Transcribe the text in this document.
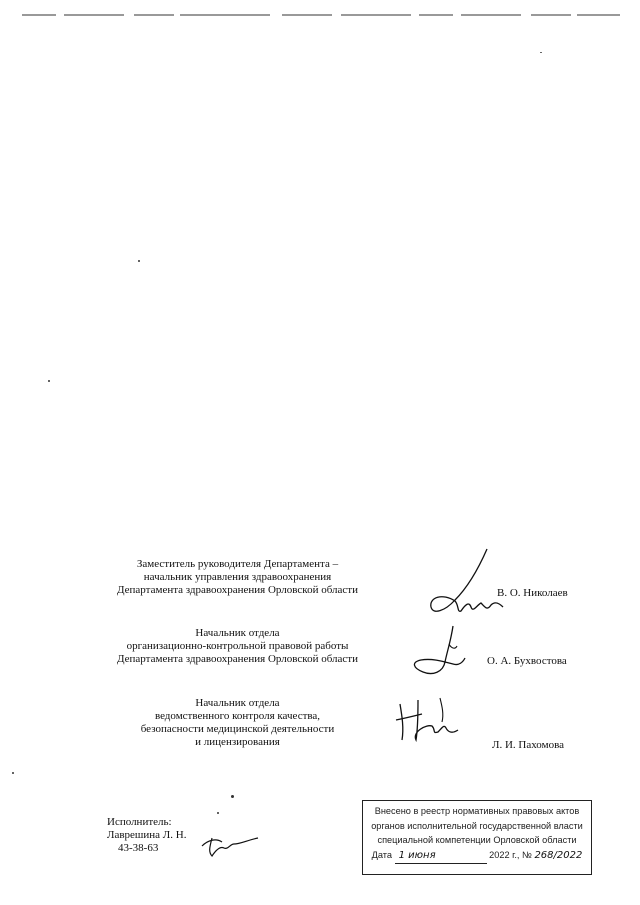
Заместитель руководителя Департамента –
начальник управления здравоохранения
Департамента здравоохранения Орловской области	В. О. Николаев
Начальник отдела
организационно-контрольной правовой работы
Департамента здравоохранения Орловской области	О. А. Бухвостова
Начальник отдела
ведомственного контроля качества,
безопасности медицинской деятельности
и лицензирования	Л. И. Пахомова
Исполнитель:
Лаврешина Л. Н.
43-38-63
Внесено в реестр нормативных правовых актов
органов исполнительной государственной власти
специальной компетенции Орловской области
Дата 1 июня	2022 г., № 268/2022
